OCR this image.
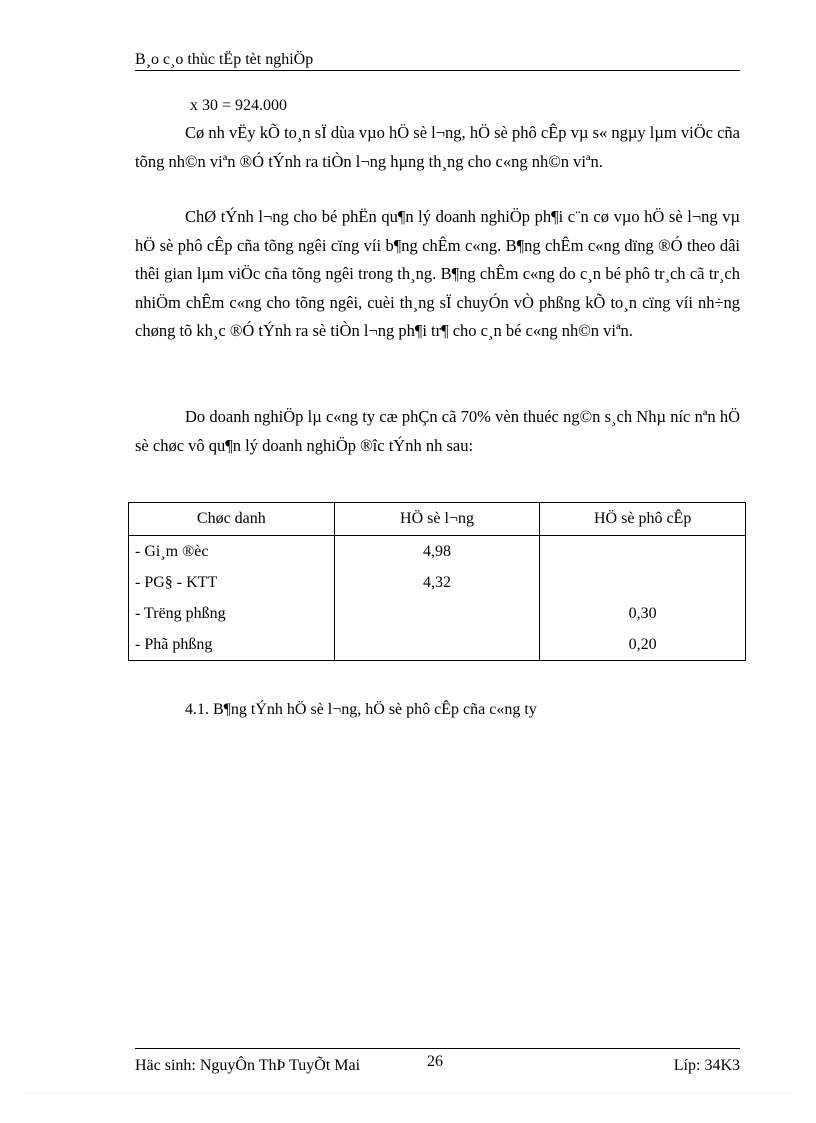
B¸o c¸o thùc tËp tèt nghiÖp
x 30 = 924.000

Cø nh vËy kÕ to¸n sÏ dùa vµo hÖ sè l¬ng, hÖ sè phô cÊp vµ s« ngµy lµm viÖc cña tõng nh©n viªn ®Ó tÝnh ra tiÒn l¬ng hµng th¸ng cho c«ng nh©n viªn.

ChØ tÝnh l¬ng cho bé phËn qu¶n lý doanh nghiÖp ph¶i c¨n cø vµo hÖ sè l¬ng vµ hÖ sè phô cÊp cña tõng ngêi cïng víi b¶ng chÊm c«ng. B¶ng chÊm c«ng dïng ®Ó theo dâi thêi gian lµm viÖc cña tõng ngêi trong th¸ng. B¶ng chÊm c«ng do c¸n bé phô tr¸ch cã tr¸ch nhiÖm chÊm c«ng cho tõng ngêi, cuèi th¸ng sÏ chuyÓn vÒ phßng kÕ to¸n cïng víi nh÷ng chøng tõ kh¸c ®Ó tÝnh ra sè tiÒn l¬ng ph¶i tr¶ cho c¸n bé c«ng nh©n viªn.

Do doanh nghiÖp lµ c«ng ty cæ phÇn cã 70% vèn thuéc ng©n s¸ch Nhµ níc nªn hÖ sè chøc vô qu¶n lý doanh nghiÖp ®îc tÝnh nh sau:

Chøc danh	HÖ sè l¬ng	HÖ sè phô cÊp
- Gi¸m ®èc	4,98	
- PG§ - KTT	4,32	
- Trëng phßng		0,30
- Phã phßng		0,20
4.1. B¶ng tÝnh hÖ sè l¬ng, hÖ sè phô cÊp cña c«ng ty
Häc sinh: NguyÔn ThÞ TuyÕt Mai	26	Líp: 34K3
